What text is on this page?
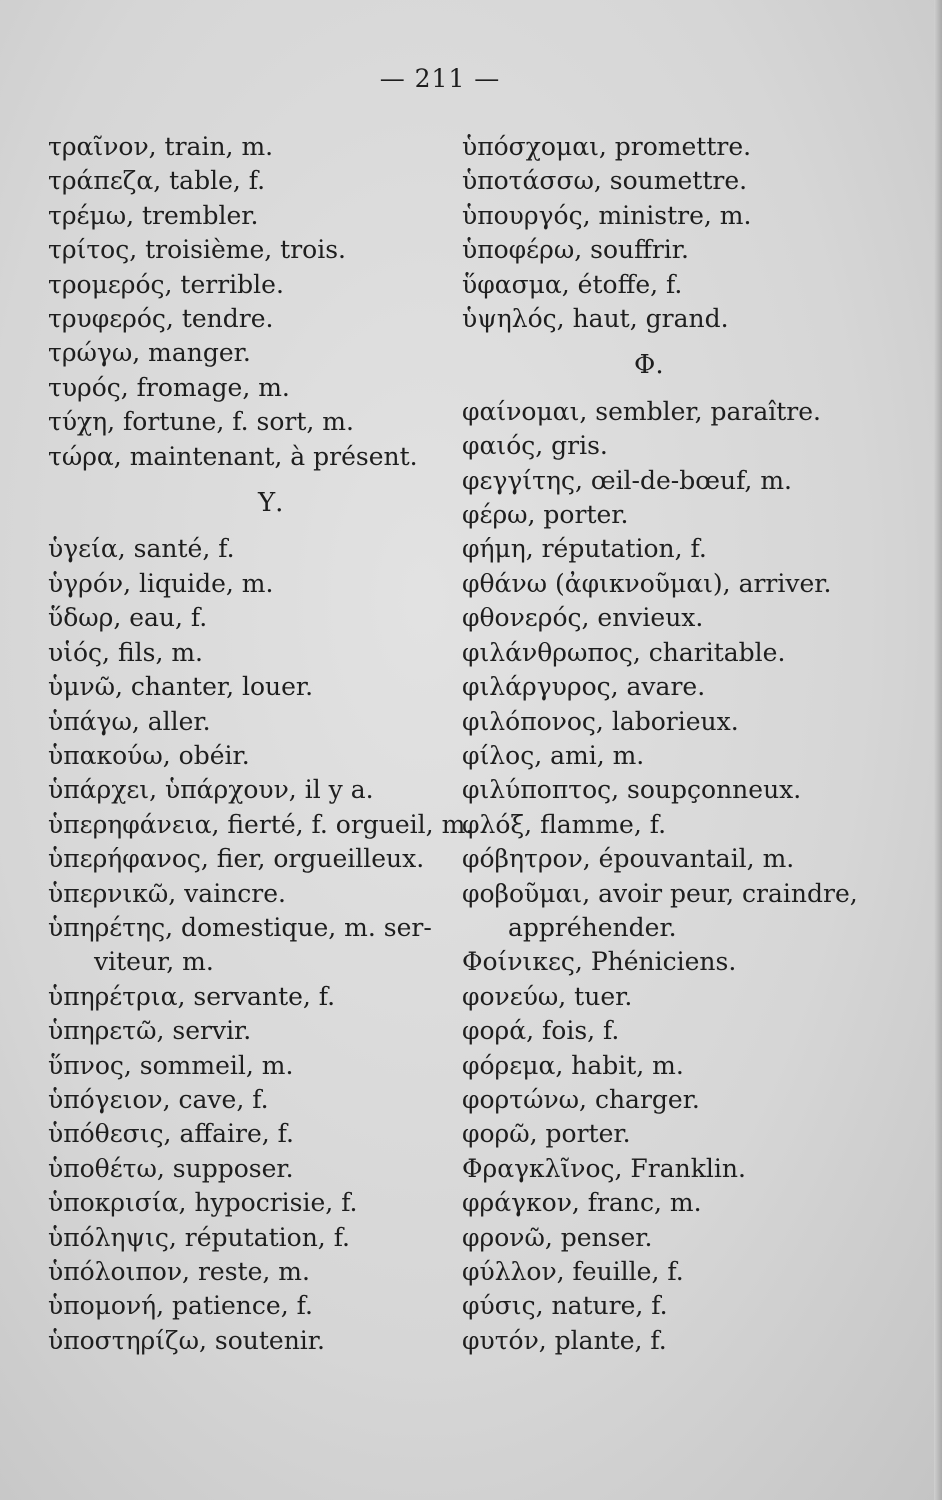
— 211 —
τραῖνον, train, m.
τράπεζα, table, f.
τρέμω, trembler.
τρίτος, troisième, trois.
τρομερός, terrible.
τρυφερός, tendre.
τρώγω, manger.
τυρός, fromage, m.
τύχη, fortune, f. sort, m.
τώρα, maintenant, à présent.
Υ.
ὑγεία, santé, f.
ὑγρόν, liquide, m.
ὕδωρ, eau, f.
υἱός, fils, m.
ὑμνῶ, chanter, louer.
ὑπάγω, aller.
ὑπακούω, obéir.
ὑπάρχει, ὑπάρχουν, il y a.
ὑπερηφάνεια, fierté, f. orgueil, m.
ὑπερήφανος, fier, orgueilleux.
ὑπερνικῶ, vaincre.
ὑπηρέτης, domestique, m. ser-
viteur, m.
ὑπηρέτρια, servante, f.
ὑπηρετῶ, servir.
ὕπνος, sommeil, m.
ὑπόγειον, cave, f.
ὑπόθεσις, affaire, f.
ὑποθέτω, supposer.
ὑποκρισία, hypocrisie, f.
ὑπόληψις, réputation, f.
ὑπόλοιπον, reste, m.
ὑπομονή, patience, f.
ὑποστηρίζω, soutenir.
ὑπόσχομαι, promettre.
ὑποτάσσω, soumettre.
ὑπουργός, ministre, m.
ὑποφέρω, souffrir.
ὕφασμα, étoffe, f.
ὑψηλός, haut, grand.
Φ.
φαίνομαι, sembler, paraître.
φαιός, gris.
φεγγίτης, œil-de-bœuf, m.
φέρω, porter.
φήμη, réputation, f.
φθάνω (ἀφικνοῦμαι), arriver.
φθονερός, envieux.
φιλάνθρωπος, charitable.
φιλάργυρος, avare.
φιλόπονος, laborieux.
φίλος, ami, m.
φιλύποπτος, soupçonneux.
φλόξ, flamme, f.
φόβητρον, épouvantail, m.
φοβοῦμαι, avoir peur, craindre,
appréhender.
Φοίνικες, Phéniciens.
φονεύω, tuer.
φορά, fois, f.
φόρεμα, habit, m.
φορτώνω, charger.
φορῶ, porter.
Φραγκλῖνος, Franklin.
φράγκον, franc, m.
φρονῶ, penser.
φύλλον, feuille, f.
φύσις, nature, f.
φυτόν, plante, f.
